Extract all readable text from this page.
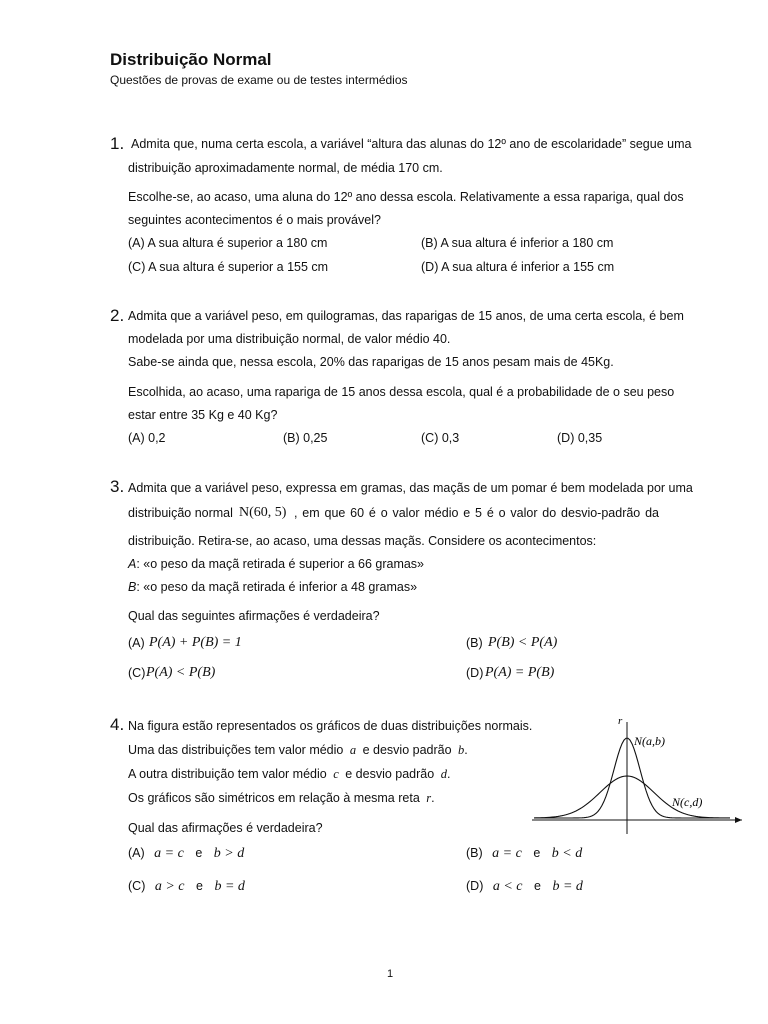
Distribuição Normal
Questões de provas de exame ou de testes intermédios
1. Admita que, numa certa escola, a variável “altura das alunas do 12º ano de escolaridade” segue uma
distribuição aproximadamente normal, de média 170 cm.
Escolhe-se, ao acaso, uma aluna do 12º ano dessa escola. Relativamente a essa rapariga, qual dos
seguintes acontecimentos é o mais provável?
(A) A sua altura é superior a 180 cm	(B) A sua altura é inferior a 180 cm
(C) A sua altura é superior a 155 cm	(D) A sua altura é inferior a 155 cm
2. Admita que a variável peso, em quilogramas, das raparigas de 15 anos, de uma certa escola, é bem
modelada por uma distribuição normal, de valor médio 40.
Sabe-se ainda que, nessa escola, 20% das raparigas de 15 anos pesam mais de 45Kg.
Escolhida, ao acaso, uma rapariga de 15 anos dessa escola, qual é a probabilidade de o seu peso
estar entre 35 Kg e 40 Kg?
(A) 0,2	(B) 0,25	(C) 0,3	(D) 0,35
3. Admita que a variável peso, expressa em gramas, das maçãs de um pomar é bem modelada por uma
distribuição normal N(60, 5) , em que 60 é o valor médio e 5 é o valor do desvio-padrão da
distribuição. Retira-se, ao acaso, uma dessas maçãs. Considere os acontecimentos:
A: «o peso da maçã retirada é superior a 66 gramas»
B: «o peso da maçã retirada é inferior a 48 gramas»
Qual das seguintes afirmações é verdadeira?
(A) P(A) + P(B) = 1	(B) P(B) < P(A)
(C) P(A) < P(B)	(D) P(A) = P(B)
4. Na figura estão representados os gráficos de duas distribuições normais.
Uma das distribuições tem valor médio a e desvio padrão b.
A outra distribuição tem valor médio c e desvio padrão d.
Os gráficos são simétricos em relação à mesma reta r.
Qual das afirmações é verdadeira?
(A) a = c e b > d	(B) a = c e b < d
(C) a > c e b = d	(D) a < c e b = d
r
N(a,b)
N(c,d)
1
